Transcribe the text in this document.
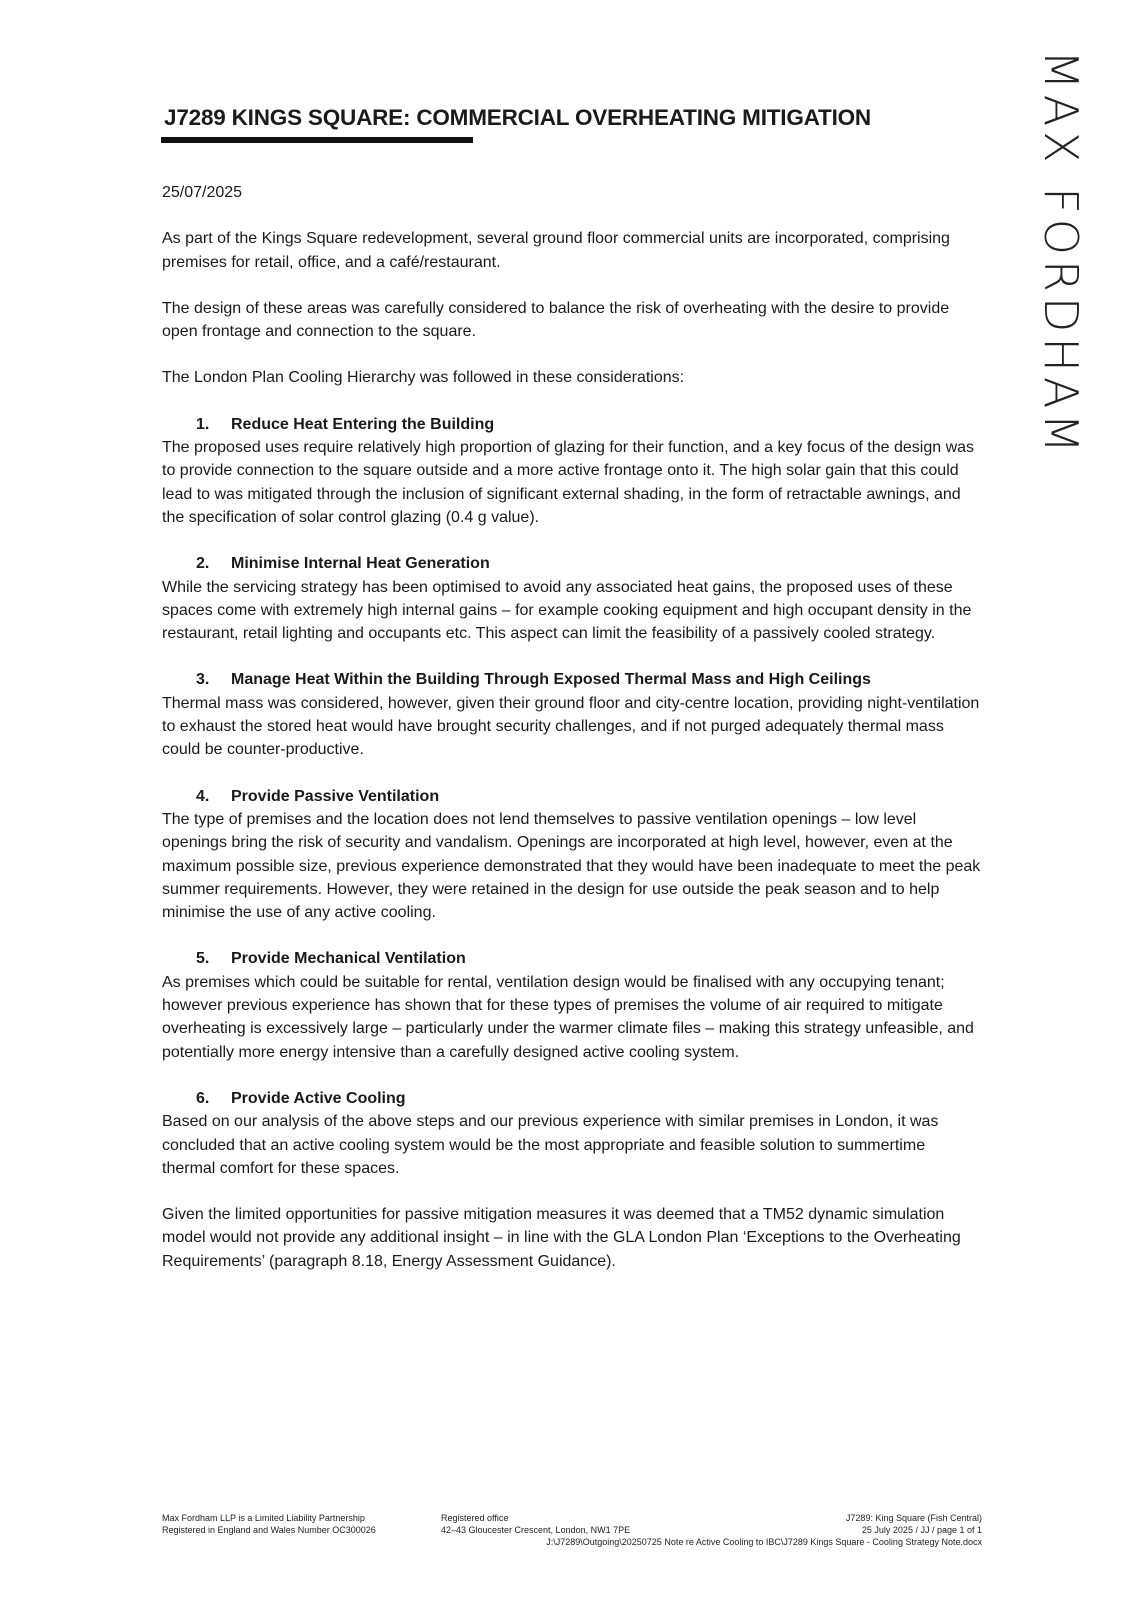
MAX FORDHAM
J7289 KINGS SQUARE: COMMERCIAL OVERHEATING MITIGATION

25/07/2025

As part of the Kings Square redevelopment, several ground floor commercial units are incorporated, comprising premises for retail, office, and a café/restaurant.

The design of these areas was carefully considered to balance the risk of overheating with the desire to provide open frontage and connection to the square.

The London Plan Cooling Hierarchy was followed in these considerations:

1. Reduce Heat Entering the Building

The proposed uses require relatively high proportion of glazing for their function, and a key focus of the design was to provide connection to the square outside and a more active frontage onto it. The high solar gain that this could lead to was mitigated through the inclusion of significant external shading, in the form of retractable awnings, and the specification of solar control glazing (0.4 g value).

2. Minimise Internal Heat Generation

While the servicing strategy has been optimised to avoid any associated heat gains, the proposed uses of these spaces come with extremely high internal gains – for example cooking equipment and high occupant density in the restaurant, retail lighting and occupants etc. This aspect can limit the feasibility of a passively cooled strategy.

3. Manage Heat Within the Building Through Exposed Thermal Mass and High Ceilings

Thermal mass was considered, however, given their ground floor and city-centre location, providing night-ventilation to exhaust the stored heat would have brought security challenges, and if not purged adequately thermal mass could be counter-productive.

4. Provide Passive Ventilation

The type of premises and the location does not lend themselves to passive ventilation openings – low level openings bring the risk of security and vandalism. Openings are incorporated at high level, however, even at the maximum possible size, previous experience demonstrated that they would have been inadequate to meet the peak summer requirements. However, they were retained in the design for use outside the peak season and to help minimise the use of any active cooling.

5. Provide Mechanical Ventilation

As premises which could be suitable for rental, ventilation design would be finalised with any occupying tenant; however previous experience has shown that for these types of premises the volume of air required to mitigate overheating is excessively large – particularly under the warmer climate files – making this strategy unfeasible, and potentially more energy intensive than a carefully designed active cooling system.

6. Provide Active Cooling

Based on our analysis of the above steps and our previous experience with similar premises in London, it was concluded that an active cooling system would be the most appropriate and feasible solution to summertime thermal comfort for these spaces.

Given the limited opportunities for passive mitigation measures it was deemed that a TM52 dynamic simulation model would not provide any additional insight – in line with the GLA London Plan ‘Exceptions to the Overheating Requirements’ (paragraph 8.18, Energy Assessment Guidance).

Max Fordham LLP is a Limited Liability Partnership
Registered in England and Wales Number OC300026
Registered office
42–43 Gloucester Crescent, London, NW1 7PE
J7289: King Square (Fish Central)
25 July 2025 / JJ / page 1 of 1
J:\J7289\Outgoing\20250725 Note re Active Cooling to IBC\J7289 Kings Square - Cooling Strategy Note.docx
